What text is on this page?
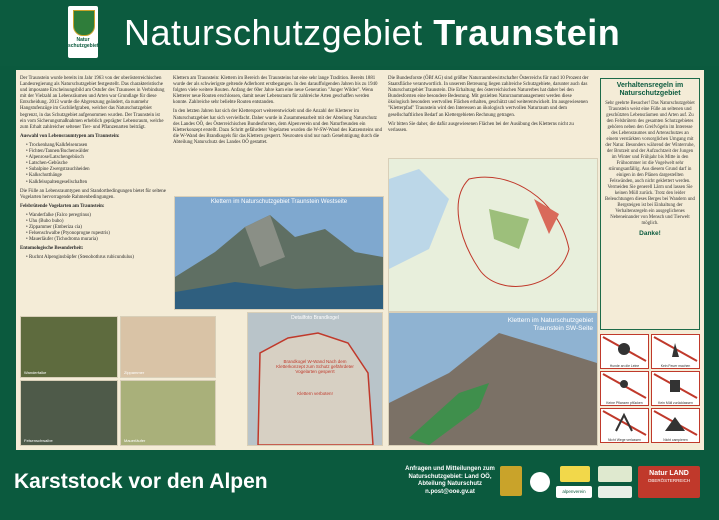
Natur schutzgebiet Naturschutzgebiet Traunstein

Der Traunstein wurde bereits im Jahr 1963 von der oberösterreichischen Landesregierung als Naturschutzgebiet festgestellt. Das charakteristische und imposante Erscheinungsbild am Ostufer des Traunsees in Verbindung mit der Vielzahl an Lebensräumen und Arten war Grundlage für diese Entscheidung. 2013 wurde die Abgrenzung geändert, da nunmehr Hangstufenzüge im Gschliefgraben, welcher das Naturschutzgebiet begrenzt, in das Schutzgebiet aufgenommen wurden. Der Traunstein ist ein vom Sicherungsmaßnahmen erheblich geprägter Lebensraum, welche zum Erhalt zahlreicher seltener Tier- und Pflanzenarten beiträgt.

Auswahl von Lebensraumtypen am Traunstein:

• Trockenhang/Kalkfelsenrasen
• Fichten/Tannen/Buchenwälder
• Alpenrose/Latschengebüsch
• Latschen-Gebüsche
• Subalpine Zwergstrauchheiden
• Kalkschutthänge
• Kalkfelsspaltengesellschaften

Die Fülle an Lebensraumtypen und Standortbedingungen bietet für seltene Vogelarten hervorragende Rahmenbedingungen.

Felsbrütende Vogelarten am Traunstein:

• Wanderfalke (Falco peregrinus)
• Uhu (Bubo bubo)
• Zippammer (Emberiza cia)
• Felsenschwalbe (Ptyonoprogne rupestris)
• Mauerläufer (Tichodroma muraria)

Entomologische Besonderheit:

• Ruchnt Alpenginsbüpfer (Stenobothrus rubicundulus)

Klettern am Traunstein: Klettern im Bereich des Traunsteins hat eine sehr lange Tradition. Bereits 1881 wurde der als schwierigste geltende Adlerhorst erstbegangen. In den darauffolgenden Jahren bis zu 1940 folgten viele weitere Routen. Anfang der 60er Jahre kam eine neue Generation "Junger Wilder". Wenn Kletterer neue Routen erschlossen, damit neuer Lebensraum für zahlreiche Arten geschaffen werden konnte. Zahlreiche sehr beliebte Routen entstanden.

In den letzten Jahren hat sich der Klettersport weiterentwickelt und die Anzahl der Kletterer im Naturschutzgebiet hat sich vervielfacht. Daher wurde in Zusammenarbeit mit der Abteilung Naturschutz des Landes OÖ, des Österreichischen Bundesforsten, dem Alpenverein und den Naturfreunden ein Kletterkonzept erstellt. Dazu Schritt gefährdeter Vogelarten wurden die W-SW-Wand des Katzensteins und die W-Wand des Brandkogels für das Klettern gesperrt. Neurouten sind nur nach Genehmigung durch die Abteilung Naturschutz des Landes OÖ gestattet.

Die Bundesforste (ÖBf AG) sind größter Naturraumbewirtschafter Österreichs für rund 10 Prozent der Staatsfläche verantwortlich. In unserem Betreuung liegen zahlreiche Schutzgebiete, darunter auch das Naturschutzgebiet Traunstein. Die Erhaltung des österreichischen Naturerbes hat daher bei den Bundesforsten eine besondere Bedeutung. Mit gezielten Naturraummanagement werden diese ökologisch besonders wertvollen Flächen erhalten, geschützt und weiterentwickelt. Im ausgewiesenen "Kletterpfad" Traunstein wird den Interessen an ökologisch wertvollen Naturraum und dem gesellschaftlichen Bedarf an Klettergebieten Rechnung getragen.

Wir bitten Sie daher, die dafür ausgewiesenen Flächen bei der Ausübung des Kletterns nicht zu verlassen.

Klettern im Naturschutzgebiet Traunstein Westseite
Detailfoto Brandkogel
Brandkogel W-Wand Nach dem Kletterkonzept zum Schutz gefährdeter Vogelarten gesperrt
Klettern verboten!
Klettern im Naturschutzgebiet Traunstein SW-Seite
Wanderfalke	Zippammer
Felsenschwalbe	Mauerläufer
Verhaltensregeln im Naturschutzgebiet
Sehr geehrte Besucher! Das Naturschutzgebiet Traunstein weist eine Fülle an seltenen und geschützten Lebensräumen und Arten auf. Zu den Felsbrütern des gesamten Schutzgebietes gehören neben den Greifvögeln im Interesse des Lebensraumes und Artenschutzes an einem verstärkten vorsorglichen Umgang mit der Natur. Besonders während der Winterruhe, der Brutzeit und der Aufzuchtzeit der Jungen im Winter und Frühjahr bis Mitte in den Frühsommer ist die Vogelwelt sehr störungsanfällig. Aus diesem Grund darf in einigen in den Plänen dargestellten Felswänden, auch nicht geklettert werden. Vermeiden Sie generell Lärm und lassen Sie keinen Müll zurück. Trotz den leider Beleuchtungen dieses Berges bei Wandern und Bergsteigen ist bei Einhaltung der Verhaltensregeln ein ausgeglichenes Nebeneinander von Mensch und Tierwelt möglich.
Danke!
Hunde an die Leine	Kein Feuer machen
Keine Pflanzen pflücken	Kein Müll zurücklassen
Nicht Wege verlassen	Nicht campieren
Karststock vor den Alpen
Anfragen und Mitteilungen zum Naturschutzgebiet: Land OÖ, Abteilung Naturschutz n.post@ooe.gv.at	alpenverein
Natur LAND
OBERÖSTERREICH
